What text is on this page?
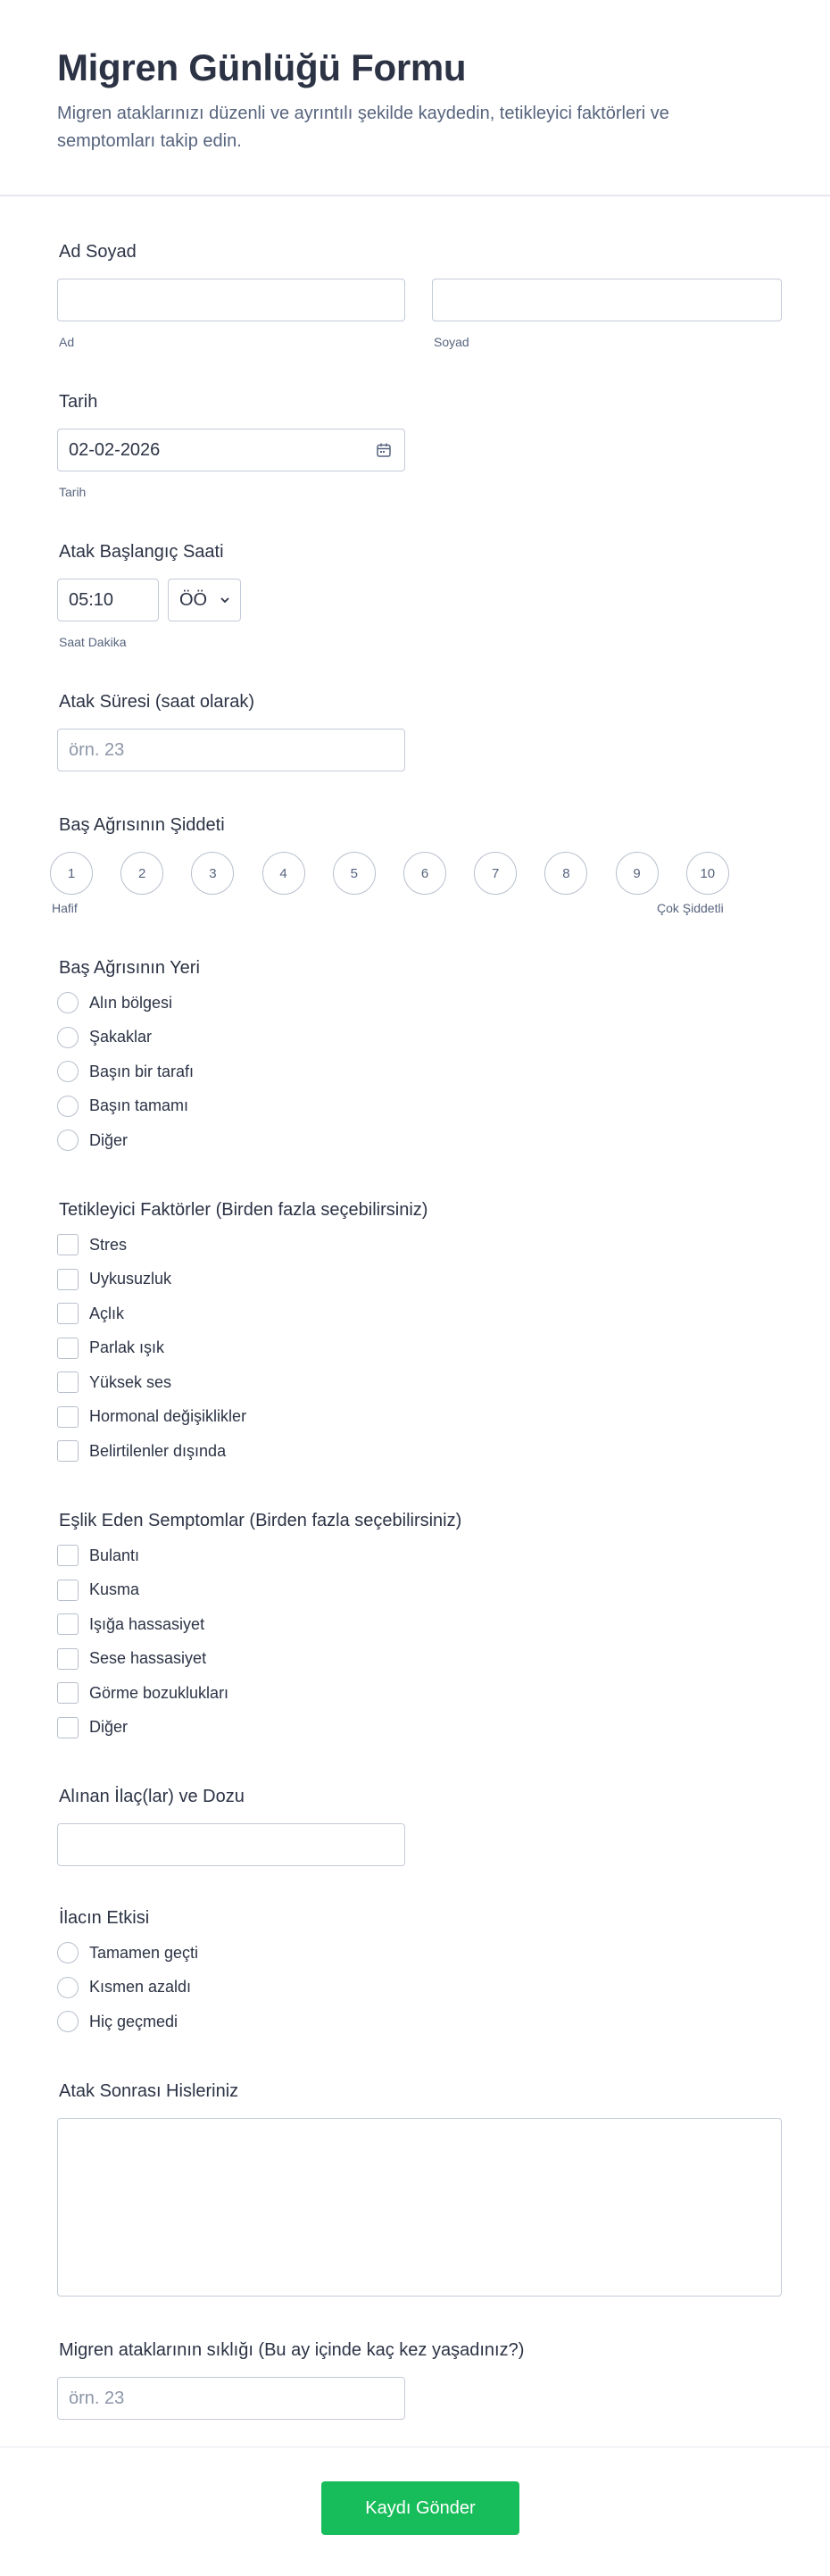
Migren Günlüğü Formu

Migren ataklarınızı düzenli ve ayrıntılı şekilde kaydedin, tetikleyici faktörleri ve semptomları takip edin.

Ad Soyad
Ad	Soyad
Tarih
02-02-2026
Tarih
Atak Başlangıç Saati
05:10	ÖÖ
Saat Dakika
Atak Süresi (saat olarak)
örn. 23
Baş Ağrısının Şiddeti
1	2	3	4	5	6	7	8	9	10
Hafif	Çok Şiddetli
Baş Ağrısının Yeri
Alın bölgesi
Şakaklar
Başın bir tarafı
Başın tamamı
Diğer
Tetikleyici Faktörler (Birden fazla seçebilirsiniz)
Stres
Uykusuzluk
Açlık
Parlak ışık
Yüksek ses
Hormonal değişiklikler
Belirtilenler dışında
Eşlik Eden Semptomlar (Birden fazla seçebilirsiniz)
Bulantı
Kusma
Işığa hassasiyet
Sese hassasiyet
Görme bozuklukları
Diğer
Alınan İlaç(lar) ve Dozu
İlacın Etkisi
Tamamen geçti
Kısmen azaldı
Hiç geçmedi
Atak Sonrası Hisleriniz
Migren ataklarının sıklığı (Bu ay içinde kaç kez yaşadınız?)
örn. 23
Kaydı Gönder
